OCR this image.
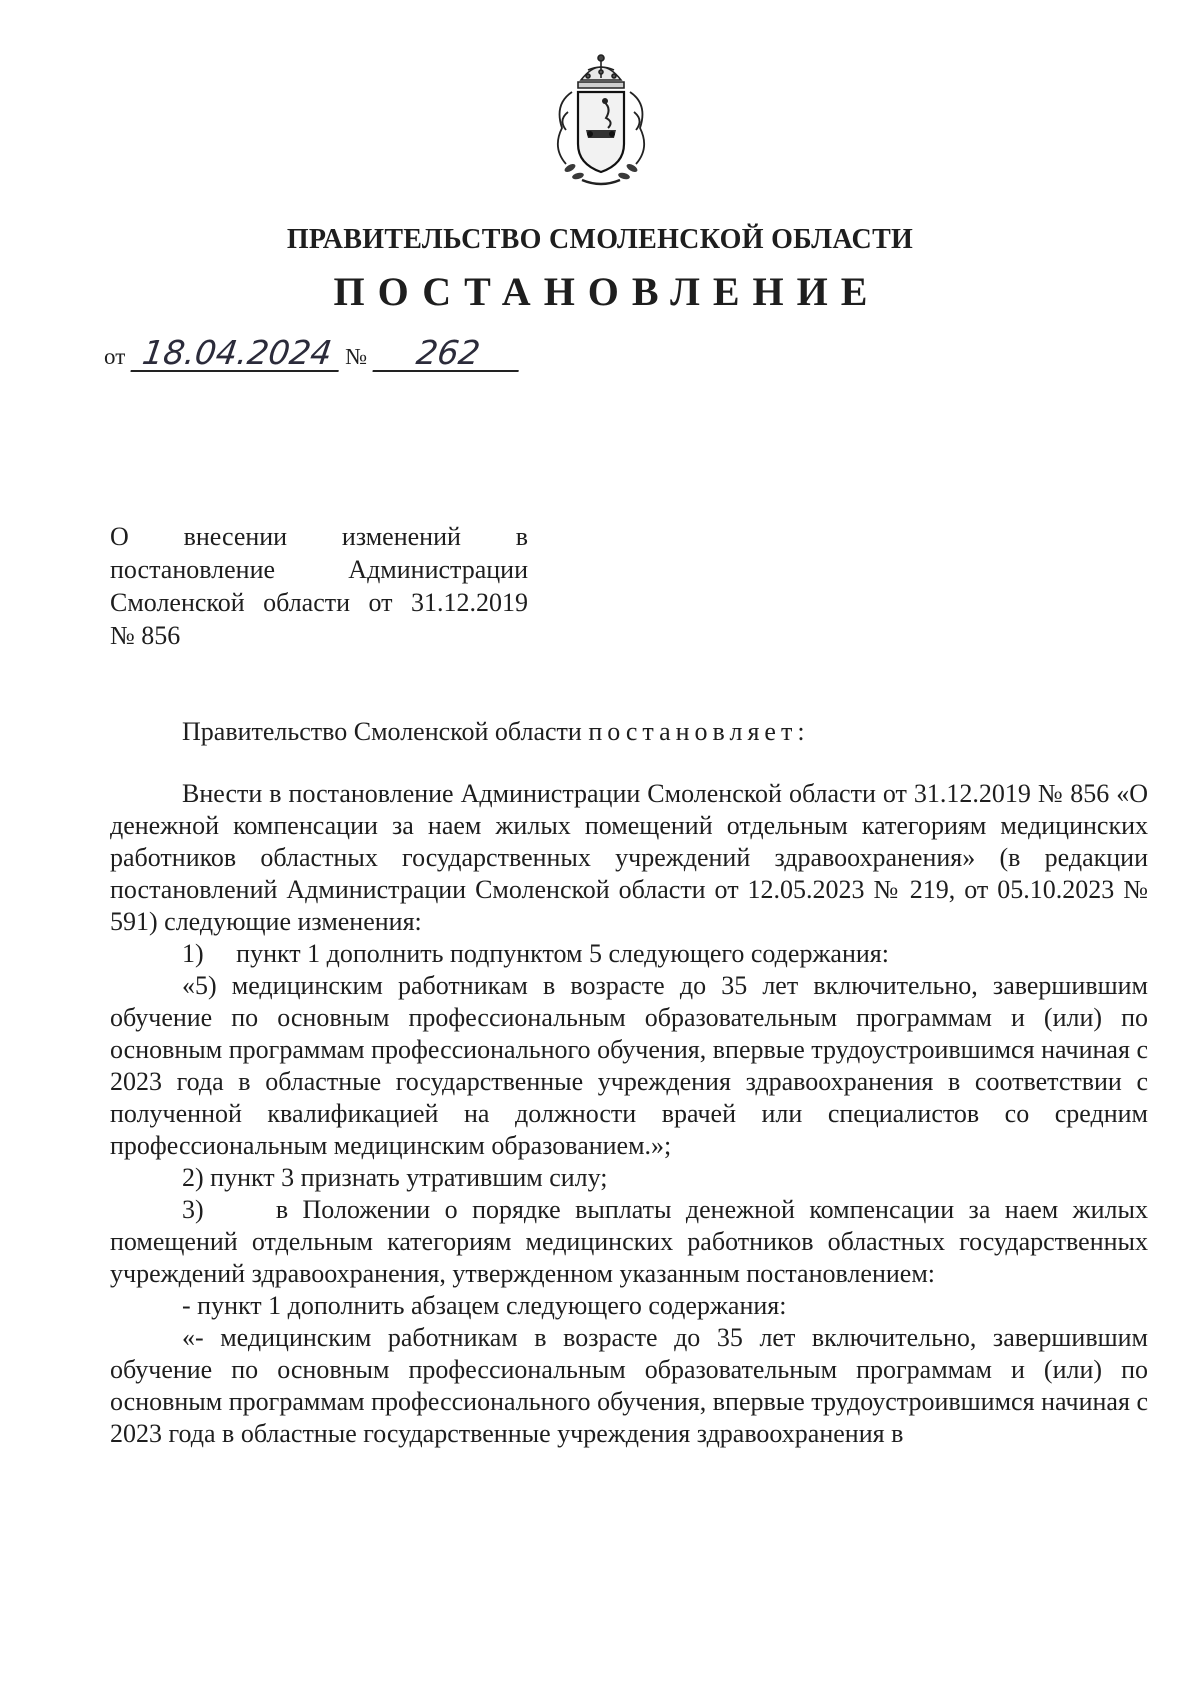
ПРАВИТЕЛЬСТВО СМОЛЕНСКОЙ ОБЛАСТИ
ПОСТАНОВЛЕНИЕ
от 18.04.2024 № 262
О внесении изменений в
постановление Администрации
Смоленской области от 31.12.2019
№ 856

Правительство Смоленской области постановляет:

Внести в постановление Администрации Смоленской области от 31.12.2019 № 856 «О денежной компенсации за наем жилых помещений отдельным категориям медицинских работников областных государственных учреждений здравоохранения» (в редакции постановлений Администрации Смоленской области от 12.05.2023 № 219, от 05.10.2023 № 591) следующие изменения:

1)     пункт 1 дополнить подпунктом 5 следующего содержания:

«5) медицинским работникам в возрасте до 35 лет включительно, завершившим обучение по основным профессиональным образовательным программам и (или) по основным программам профессионального обучения, впервые трудоустроившимся начиная с 2023 года в областные государственные учреждения здравоохранения в соответствии с полученной квалификацией на должности врачей или специалистов со средним профессиональным медицинским образованием.»;

2) пункт 3 признать утратившим силу;

3)     в Положении о порядке выплаты денежной компенсации за наем жилых помещений отдельным категориям медицинских работников областных государственных учреждений здравоохранения, утвержденном указанным постановлением:

- пункт 1 дополнить абзацем следующего содержания:

«- медицинским работникам в возрасте до 35 лет включительно, завершившим обучение по основным профессиональным образовательным программам и (или) по основным программам профессионального обучения, впервые трудоустроившимся начиная с 2023 года в областные государственные учреждения здравоохранения в
